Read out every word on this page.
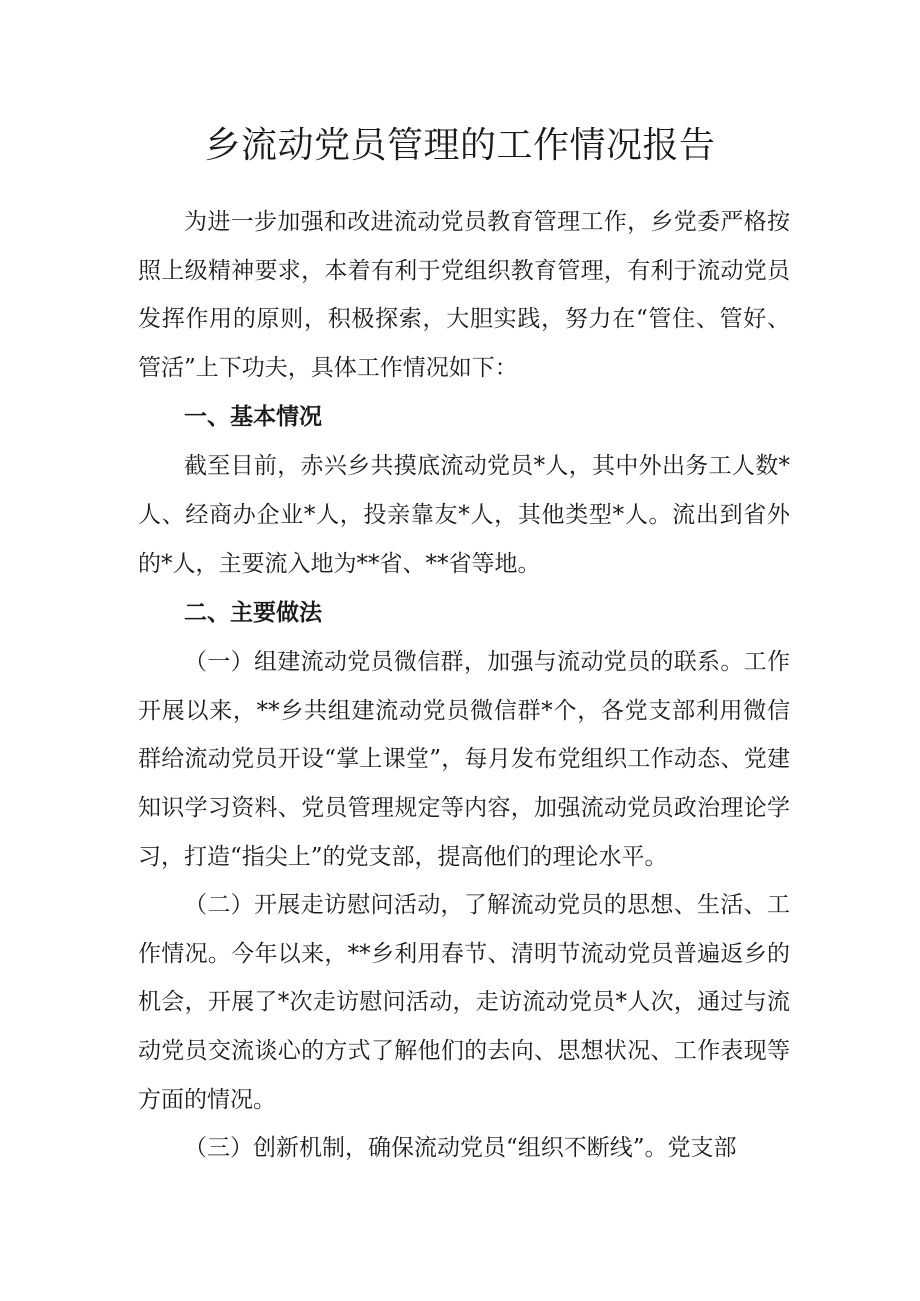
乡流动党员管理的工作情况报告

为进一步加强和改进流动党员教育管理工作，乡党委严格按照上级精神要求，本着有利于党组织教育管理，有利于流动党员发挥作用的原则，积极探索，大胆实践，努力在“管住、管好、管活”上下功夫，具体工作情况如下：

一、基本情况

截至目前，赤兴乡共摸底流动党员*人，其中外出务工人数*人、经商办企业*人，投亲靠友*人，其他类型*人。流出到省外的*人，主要流入地为**省、**省等地。

二、主要做法

（一）组建流动党员微信群，加强与流动党员的联系。工作开展以来，**乡共组建流动党员微信群*个，各党支部利用微信群给流动党员开设“掌上课堂”，每月发布党组织工作动态、党建知识学习资料、党员管理规定等内容，加强流动党员政治理论学习，打造“指尖上”的党支部，提高他们的理论水平。

（二）开展走访慰问活动，了解流动党员的思想、生活、工作情况。今年以来，**乡利用春节、清明节流动党员普遍返乡的机会，开展了*次走访慰问活动，走访流动党员*人次，通过与流动党员交流谈心的方式了解他们的去向、思想状况、工作表现等方面的情况。

（三）创新机制，确保流动党员“组织不断线”。党支部
